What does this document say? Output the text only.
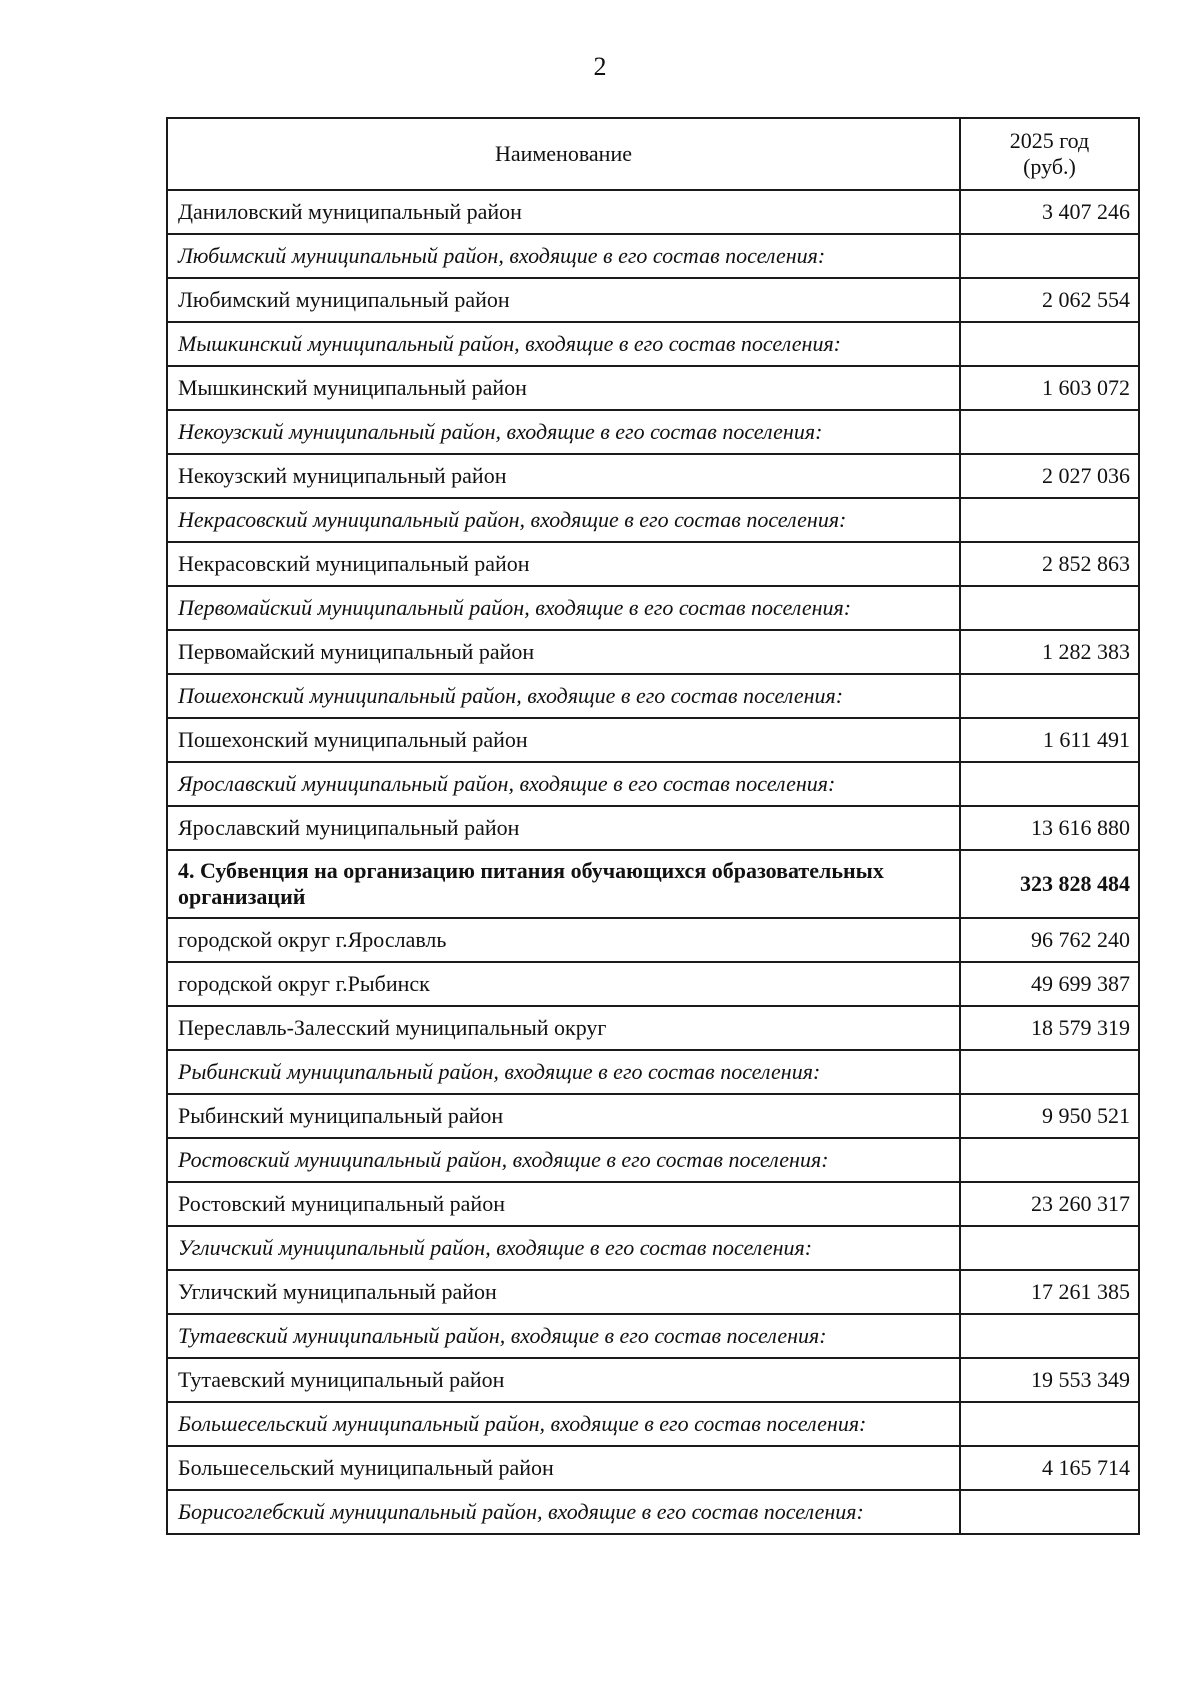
2
Наименование	2025 год
(руб.)

Даниловский муниципальный район	3 407 246
Любимский муниципальный район, входящие в его состав поселения:	
Любимский муниципальный район	2 062 554
Мышкинский муниципальный район, входящие в его состав поселения:	
Мышкинский муниципальный район	1 603 072
Некоузский муниципальный район, входящие в его состав поселения:	
Некоузский муниципальный район	2 027 036
Некрасовский муниципальный район, входящие в его состав поселения:	
Некрасовский муниципальный район	2 852 863
Первомайский муниципальный район, входящие в его состав поселения:	
Первомайский муниципальный район	1 282 383
Пошехонский муниципальный район, входящие в его состав поселения:	
Пошехонский муниципальный район	1 611 491
Ярославский муниципальный район, входящие в его состав поселения:	
Ярославский муниципальный район	13 616 880
4. Субвенция на организацию питания обучающихся образовательных организаций	323 828 484
городской округ г.Ярославль	96 762 240
городской округ г.Рыбинск	49 699 387
Переславль-Залесский муниципальный округ	18 579 319
Рыбинский муниципальный район, входящие в его состав поселения:	
Рыбинский муниципальный район	9 950 521
Ростовский муниципальный район, входящие в его состав поселения:	
Ростовский муниципальный район	23 260 317
Угличский муниципальный район, входящие в его состав поселения:	
Угличский муниципальный район	17 261 385
Тутаевский муниципальный район, входящие в его состав поселения:	
Тутаевский муниципальный район	19 553 349
Большесельский муниципальный район, входящие в его состав поселения:	
Большесельский муниципальный район	4 165 714
Борисоглебский муниципальный район, входящие в его состав поселения:	
